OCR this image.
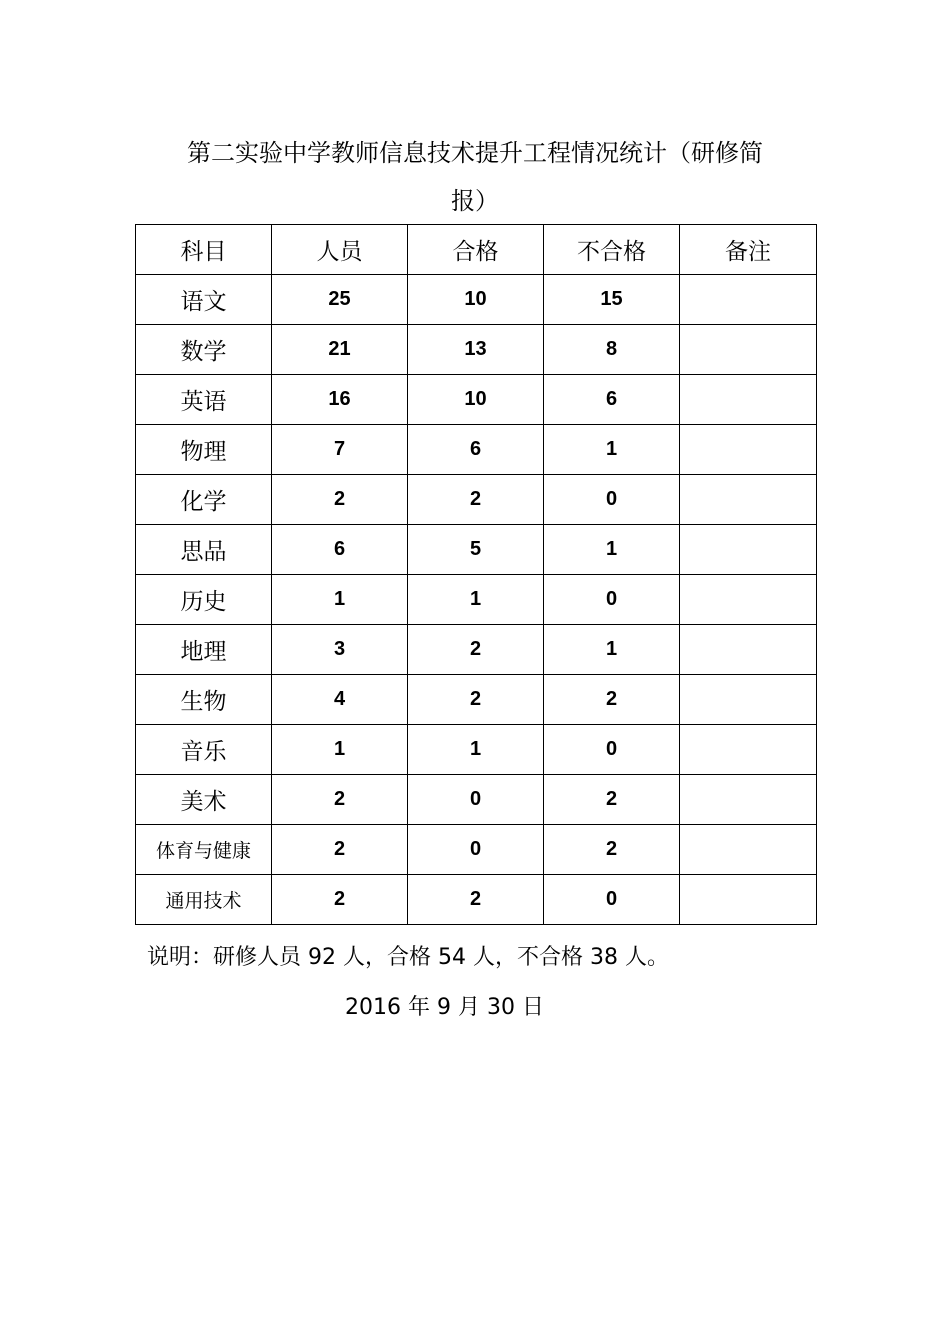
第二实验中学教师信息技术提升工程情况统计（研修简
报）
科目	人员	合格	不合格	备注
语文	25	10	15	
数学	21	13	8	
英语	16	10	6	
物理	7	6	1	
化学	2	2	0	
思品	6	5	1	
历史	1	1	0	
地理	3	2	1	
生物	4	2	2	
音乐	1	1	0	
美术	2	0	2	
体育与健康	2	0	2	
通用技术	2	2	0	
说明：研修人员 92 人，合格 54 人，不合格 38 人。
2016 年 9 月 30 日
